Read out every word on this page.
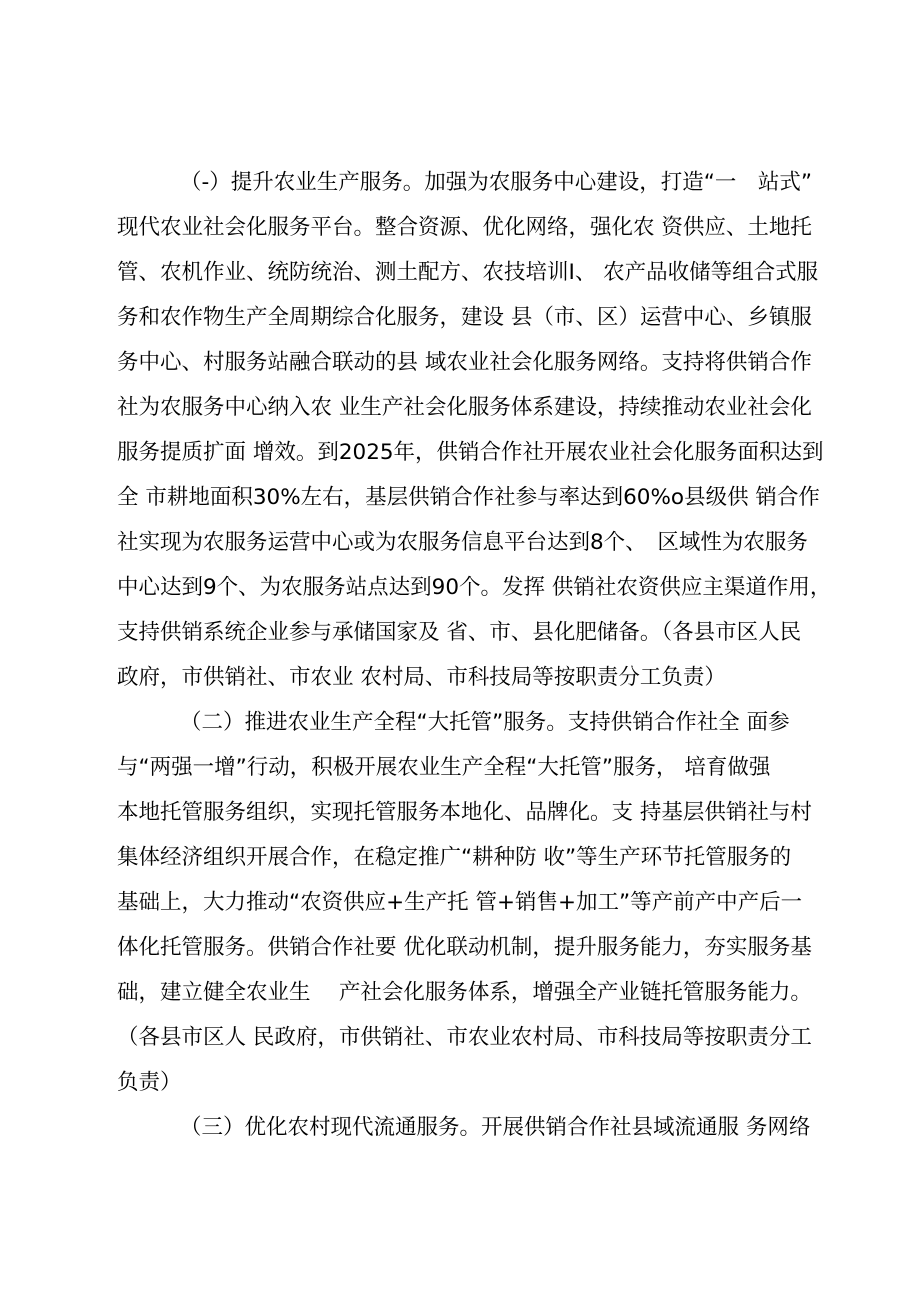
（-）提升农业生产服务。加强为农服务中心建设，打造“一　站式”
现代农业社会化服务平台。整合资源、优化网络，强化农 资供应、土地托
管、农机作业、统防统治、测土配方、农技培训I、 农产品收储等组合式服
务和农作物生产全周期综合化服务，建设 县（市、区）运营中心、乡镇服
务中心、村服务站融合联动的县 域农业社会化服务网络。支持将供销合作
社为农服务中心纳入农 业生产社会化服务体系建设，持续推动农业社会化
服务提质扩面 增效。到2025年，供销合作社开展农业社会化服务面积达到
全 市耕地面积30%左右，基层供销合作社参与率达到60%o县级供 销合作
社实现为农服务运营中心或为农服务信息平台达到8个、　区域性为农服务
中心达到9个、为农服务站点达到90个。发挥 供销社农资供应主渠道作用，
支持供销系统企业参与承储国家及 省、市、县化肥储备。（各县市区人民
政府，市供销社、市农业 农村局、市科技局等按职责分工负责）
（二）推进农业生产全程“大托管”服务。支持供销合作社全 面参
与“两强一增”行动，积极开展农业生产全程“大托管”服务， 培育做强
本地托管服务组织，实现托管服务本地化、品牌化。支 持基层供销社与村
集体经济组织开展合作，在稳定推广“耕种防 收”等生产环节托管服务的
基础上，大力推动“农资供应+生产托 管+销售+加工”等产前产中产后一
体化托管服务。供销合作社要 优化联动机制，提升服务能力，夯实服务基
础，建立健全农业生　 产社会化服务体系，增强全产业链托管服务能力。
（各县市区人 民政府，市供销社、市农业农村局、市科技局等按职责分工
负责）
（三）优化农村现代流通服务。开展供销合作社县域流通服 务网络
